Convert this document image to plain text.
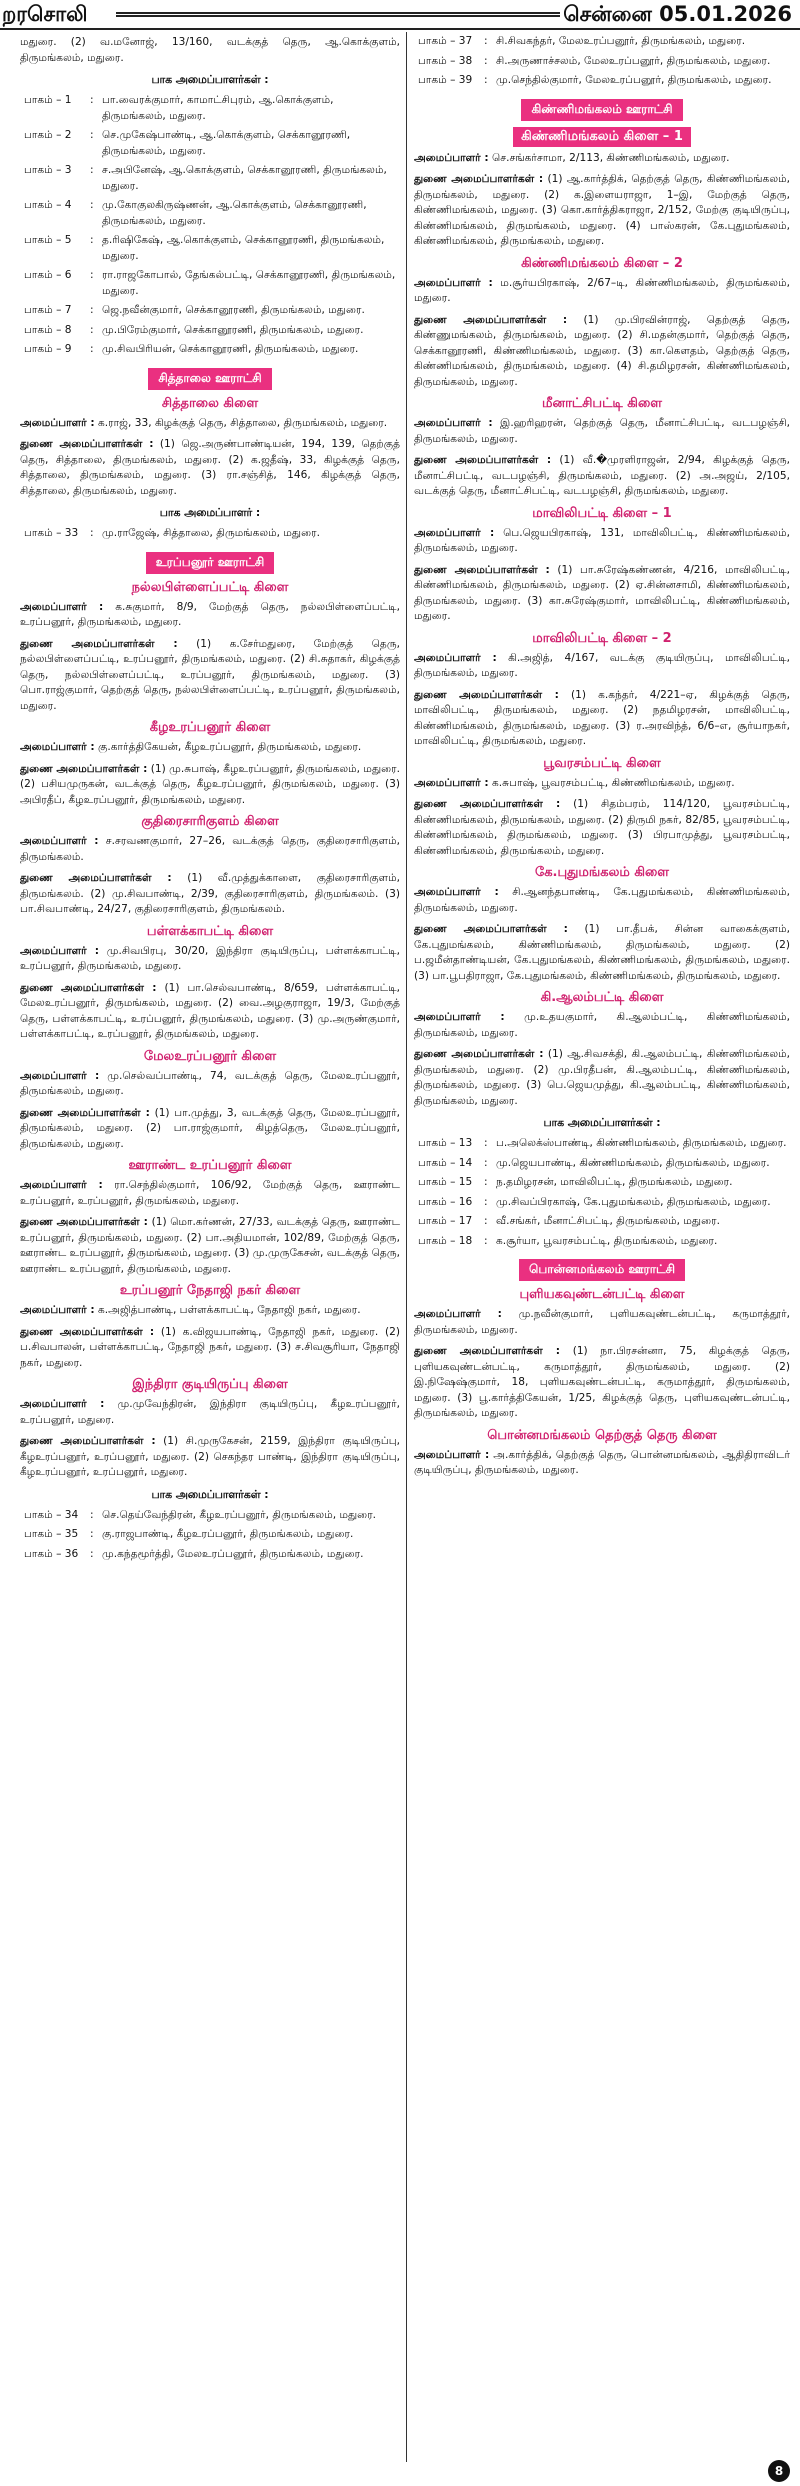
றரசொலி	சென்னை 05.01.2026

மதுரை. (2) வ.மனோஜ், 13/160, வடக்குத் தெரு, ஆ.கொக்குளம், திருமங்கலம், மதுரை.

பாக அமைப்பாளர்கள் :
பாகம் – 1	: பா.வைரக்குமார், காமாட்சிபுரம், ஆ.கொக்குளம், திருமங்கலம், மதுரை.
பாகம் – 2	: செ.முகேஷ்பாண்டி, ஆ.கொக்குளம், செக்கானூரணி, திருமங்கலம், மதுரை.
பாகம் – 3	: ச.அபினேஷ், ஆ.கொக்குளம், செக்கானூரணி, திருமங்கலம், மதுரை.
பாகம் – 4	: மு.கோகுலகிருஷ்ணன், ஆ.கொக்குளம், செக்கானூரணி, திருமங்கலம், மதுரை.
பாகம் – 5	: த.ரிஷிகேஷ், ஆ.கொக்குளம், செக்கானூரணி, திருமங்கலம், மதுரை.
பாகம் – 6	: ரா.ராஜகோபால், தேங்கல்பட்டி, செக்கானூரணி, திருமங்கலம், மதுரை.
பாகம் – 7	: ஜெ.நவீன்குமார், செக்கானூரணி, திருமங்கலம், மதுரை.
பாகம் – 8	: மு.பிரேம்குமார், செக்கானூரணி, திருமங்கலம், மதுரை.
பாகம் – 9	: மு.சிவபிரியன், செக்கானூரணி, திருமங்கலம், மதுரை.
சித்தாலை ஊராட்சி
சித்தாலை கிளை

அமைப்பாளர் : க.ராஜ், 33, கிழக்குத் தெரு, சித்தாலை, திருமங்கலம், மதுரை.

துணை அமைப்பாளர்கள் : (1) ஜெ.அருண்பாண்டியன், 194, 139, தெற்குத் தெரு, சித்தாலை, திருமங்கலம், மதுரை. (2) க.ஜதீஷ், 33, கிழக்குத் தெரு, சித்தாலை, திருமங்கலம், மதுரை. (3) ரா.சஞ்சித், 146, கிழக்குத் தெரு, சித்தாலை, திருமங்கலம், மதுரை.

பாக அமைப்பாளர் :
பாகம் – 33	: மு.ராஜேஷ், சித்தாலை, திருமங்கலம், மதுரை.
உரப்பனூர் ஊராட்சி
நல்லபிள்ளைப்பட்டி கிளை

அமைப்பாளர் : க.சுகுமார், 8/9, மேற்குத் தெரு, நல்லபிள்ளைப்பட்டி, உரப்பனூர், திருமங்கலம், மதுரை.

துணை அமைப்பாளர்கள் : (1) க.சேர்மதுரை, மேற்குத் தெரு, நல்லபிள்ளைப்பட்டி, உரப்பனூர், திருமங்கலம், மதுரை. (2) சி.சுதாகர், கிழக்குத் தெரு, நல்லபிள்ளைப்பட்டி, உரப்பனூர், திருமங்கலம், மதுரை. (3) பொ.ராஜ்குமார், தெற்குத் தெரு, நல்லபிள்ளைப்பட்டி, உரப்பனூர், திருமங்கலம், மதுரை.

கீழஉரப்பனூர் கிளை

அமைப்பாளர் : கு.கார்த்திகேயன், கீழஉரப்பனூர், திருமங்கலம், மதுரை.

துணை அமைப்பாளர்கள் : (1) மு.சுபாஷ், கீழஉரப்பனூர், திருமங்கலம், மதுரை. (2) பசியமுருகன், வடக்குத் தெரு, கீழஉரப்பனூர், திருமங்கலம், மதுரை. (3) அபிரதீப், கீழஉரப்பனூர், திருமங்கலம், மதுரை.

குதிரைசாரிகுளம் கிளை

அமைப்பாளர் : ச.சரவணகுமார், 27–26, வடக்குத் தெரு, குதிரைசாரிகுளம், திருமங்கலம்.

துணை அமைப்பாளர்கள் : (1) வீ.முத்துக்காளை, குதிரைசாரிகுளம், திருமங்கலம். (2) மு.சிவபாண்டி, 2/39, குதிரைசாரிகுளம், திருமங்கலம். (3) பா.சிவபாண்டி, 24/27, குதிரைசாரிகுளம், திருமங்கலம்.

பள்ளக்காபட்டி கிளை

அமைப்பாளர் : மு.சிவபிரபு, 30/20, இந்திரா குடியிருப்பு, பள்ளக்காபட்டி, உரப்பனூர், திருமங்கலம், மதுரை.

துணை அமைப்பாளர்கள் : (1) பா.செல்வபாண்டி, 8/659, பள்ளக்காபட்டி, மேலஉரப்பனூர், திருமங்கலம், மதுரை. (2) வை.அழகுராஜா, 19/3, மேற்குத் தெரு, பள்ளக்காபட்டி, உரப்பனூர், திருமங்கலம், மதுரை. (3) மு.அருண்குமார், பள்ளக்காபட்டி, உரப்பனூர், திருமங்கலம், மதுரை.

மேலஉரப்பனூர் கிளை

அமைப்பாளர் : மு.செல்வப்பாண்டி, 74, வடக்குத் தெரு, மேலஉரப்பனூர், திருமங்கலம், மதுரை.

துணை அமைப்பாளர்கள் : (1) பா.முத்து, 3, வடக்குத் தெரு, மேலஉரப்பனூர், திருமங்கலம், மதுரை. (2) பா.ராஜ்குமார், கிழத்தெரு, மேலஉரப்பனூர், திருமங்கலம், மதுரை.

ஊராண்ட உரப்பனூர் கிளை

அமைப்பாளர் : ரா.செந்தில்குமார், 106/92, மேற்குத் தெரு, ஊராண்ட உரப்பனூர், உரப்பனூர், திருமங்கலம், மதுரை.

துணை அமைப்பாளர்கள் : (1) மொ.கர்ணன், 27/33, வடக்குத் தெரு, ஊராண்ட உரப்பனூர், திருமங்கலம், மதுரை. (2) பா.அதியமான், 102/89, மேற்குத் தெரு, ஊராண்ட உரப்பனூர், திருமங்கலம், மதுரை. (3) மு.முருகேசன், வடக்குத் தெரு, ஊராண்ட உரப்பனூர், திருமங்கலம், மதுரை.

உரப்பனூர் நேதாஜி நகர் கிளை

அமைப்பாளர் : க.அஜித்பாண்டி, பள்ளக்காபட்டி, நேதாஜி நகர், மதுரை.

துணை அமைப்பாளர்கள் : (1) க.விஜயபாண்டி, நேதாஜி நகர், மதுரை. (2) ப.சிவபாலன், பள்ளக்காபட்டி, நேதாஜி நகர், மதுரை. (3) ச.சிவசூரியா, நேதாஜி நகர், மதுரை.

இந்திரா குடியிருப்பு கிளை

அமைப்பாளர் : மு.முவேந்திரன், இந்திரா குடியிருப்பு, கீழஉரப்பனூர், உரப்பனூர், மதுரை.

துணை அமைப்பாளர்கள் : (1) சி.முருகேசன், 2159, இந்திரா குடியிருப்பு, கீழஉரப்பனூர், உரப்பனூர், மதுரை. (2) செகந்தர பாண்டி, இந்திரா குடியிருப்பு, கீழஉரப்பனூர், உரப்பனூர், மதுரை.

பாக அமைப்பாளர்கள் :
பாகம் – 34	: செ.தெய்வேந்திரன், கீழஉரப்பனூர், திருமங்கலம், மதுரை.
பாகம் – 35	: கு.ராஜபாண்டி, கீழஉரப்பனூர், திருமங்கலம், மதுரை.
பாகம் – 36	: மு.கந்தமூர்த்தி, மேலஉரப்பனூர், திருமங்கலம், மதுரை.
பாகம் – 37	: சி.சிவகந்தர், மேலஉரப்பனூர், திருமங்கலம், மதுரை.
பாகம் – 38	: சி.அருணாச்சலம், மேலஉரப்பனூர், திருமங்கலம், மதுரை.
பாகம் – 39	: மு.செந்தில்குமார், மேலஉரப்பனூர், திருமங்கலம், மதுரை.
கிண்ணிமங்கலம் ஊராட்சி
கிண்ணிமங்கலம் கிளை – 1

அமைப்பாளர் : செ.சங்கர்சாமா, 2/113, கிண்ணிமங்கலம், மதுரை.

துணை அமைப்பாளர்கள் : (1) ஆ.கார்த்திக், தெற்குத் தெரு, கிண்ணிமங்கலம், திருமங்கலம், மதுரை. (2) க.இளையராஜா, 1–இ, மேற்குத் தெரு, கிண்ணிமங்கலம், மதுரை. (3) கொ.கார்த்திகராஜா, 2/152, மேற்கு குடியிருப்பு, கிண்ணிமங்கலம், திருமங்கலம், மதுரை. (4) பாஸ்கரன், கே.புதுமங்கலம், கிண்ணிமங்கலம், திருமங்கலம், மதுரை.

கிண்ணிமங்கலம் கிளை – 2

அமைப்பாளர் : ம.சூர்யபிரகாஷ், 2/67–டி, கிண்ணிமங்கலம், திருமங்கலம், மதுரை.

துணை அமைப்பாளர்கள் : (1) மு.பிரவின்ராஜ், தெற்குத் தெரு, கிண்ணுமங்கலம், திருமங்கலம், மதுரை. (2) சி.மதன்குமார், தெற்குத் தெரு, செக்கானூரணி, கிண்ணிமங்கலம், மதுரை. (3) கா.கௌதம், தெற்குத் தெரு, கிண்ணிமங்கலம், திருமங்கலம், மதுரை. (4) சி.தமிழரசன், கிண்ணிமங்கலம், திருமங்கலம், மதுரை.

மீனாட்சிபட்டி கிளை

அமைப்பாளர் : இ.ஹரிஹரன், தெற்குத் தெரு, மீனாட்சிபட்டி, வடபழஞ்சி, திருமங்கலம், மதுரை.

துணை அமைப்பாளர்கள் : (1) வீ.�முரளிராஜன், 2/94, கிழக்குத் தெரு, மீனாட்சிபட்டி, வடபழஞ்சி, திருமங்கலம், மதுரை. (2) அ.அஜய், 2/105, வடக்குத் தெரு, மீனாட்சிபட்டி, வடபழஞ்சி, திருமங்கலம், மதுரை.

மாவிலிபட்டி கிளை – 1

அமைப்பாளர் : பெ.ஜெயபிரகாஷ், 131, மாவிலிபட்டி, கிண்ணிமங்கலம், திருமங்கலம், மதுரை.

துணை அமைப்பாளர்கள் : (1) பா.சுரேஷ்கண்ணன், 4/216, மாவிலிபட்டி, கிண்ணிமங்கலம், திருமங்கலம், மதுரை. (2) ஏ.சின்னசாமி, கிண்ணிமங்கலம், திருமங்கலம், மதுரை. (3) கா.சுரேஷ்குமார், மாவிலிபட்டி, கிண்ணிமங்கலம், மதுரை.

மாவிலிபட்டி கிளை – 2

அமைப்பாளர் : கி.அஜித், 4/167, வடக்கு குடியிருப்பு, மாவிலிபட்டி, திருமங்கலம், மதுரை.

துணை அமைப்பாளர்கள் : (1) க.கந்தர், 4/221–ஏ, கிழக்குத் தெரு, மாவிலிபட்டி, திருமங்கலம், மதுரை. (2) நதமிழரசன், மாவிலிபட்டி, கிண்ணிமங்கலம், திருமங்கலம், மதுரை. (3) ர.அரவிந்த், 6/6–எ, சூர்யாநகர், மாவிலிபட்டி, திருமங்கலம், மதுரை.

பூவரசம்பட்டி கிளை

அமைப்பாளர் : க.சுபாஷ், பூவரசம்பட்டி, கிண்ணிமங்கலம், மதுரை.

துணை அமைப்பாளர்கள் : (1) சிதம்பரம், 114/120, பூவரசம்பட்டி, கிண்ணிமங்கலம், திருமங்கலம், மதுரை. (2) திருமி நகர், 82/85, பூவரசம்பட்டி, கிண்ணிமங்கலம், திருமங்கலம், மதுரை. (3) பிரபாமுத்து, பூவரசம்பட்டி, கிண்ணிமங்கலம், திருமங்கலம், மதுரை.

கே.புதுமங்கலம் கிளை

அமைப்பாளர் : சி.ஆனந்தபாண்டி, கே.புதுமங்கலம், கிண்ணிமங்கலம், திருமங்கலம், மதுரை.

துணை அமைப்பாளர்கள் : (1) பா.தீபக், சின்ன வாகைக்குளம், கே.புதுமங்கலம், கிண்ணிமங்கலம், திருமங்கலம், மதுரை. (2) ப.ஜமீன்தாண்டியன், கே.புதுமங்கலம், கிண்ணிமங்கலம், திருமங்கலம், மதுரை. (3) பா.பூபதிராஜா, கே.புதுமங்கலம், கிண்ணிமங்கலம், திருமங்கலம், மதுரை.

கி.ஆலம்பட்டி கிளை

அமைப்பாளர் : மு.உதயகுமார், கி.ஆலம்பட்டி, கிண்ணிமங்கலம், திருமங்கலம், மதுரை.

துணை அமைப்பாளர்கள் : (1) ஆ.சிவசக்தி, கி.ஆலம்பட்டி, கிண்ணிமங்கலம், திருமங்கலம், மதுரை. (2) மு.பிரதீபன், கி.ஆலம்பட்டி, கிண்ணிமங்கலம், திருமங்கலம், மதுரை. (3) பெ.ஜெயமுத்து, கி.ஆலம்பட்டி, கிண்ணிமங்கலம், திருமங்கலம், மதுரை.

பாக அமைப்பாளர்கள் :
பாகம் – 13	: ப.அலெக்ஸ்பாண்டி, கிண்ணிமங்கலம், திருமங்கலம், மதுரை.
பாகம் – 14	: மு.ஜெயபாண்டி, கிண்ணிமங்கலம், திருமங்கலம், மதுரை.
பாகம் – 15	: ந.தமிழரசன், மாவிலிபட்டி, திருமங்கலம், மதுரை.
பாகம் – 16	: மு.சிவப்பிரகாஷ், கே.புதுமங்கலம், திருமங்கலம், மதுரை.
பாகம் – 17	: வீ.சங்கர், மீனாட்சிபட்டி, திருமங்கலம், மதுரை.
பாகம் – 18	: க.சூர்யா, பூவரசம்பட்டி, திருமங்கலம், மதுரை.
பொன்னமங்கலம் ஊராட்சி
புளியகவுண்டன்பட்டி கிளை

அமைப்பாளர் : மு.நவீன்குமார், புளியகவுண்டன்பட்டி, கருமாத்தூர், திருமங்கலம், மதுரை.

துணை அமைப்பாளர்கள் : (1) நா.பிரசன்னா, 75, கிழக்குத் தெரு, புளியகவுண்டன்பட்டி, கருமாத்தூர், திருமங்கலம், மதுரை. (2) இ.நிஷேஷ்குமார், 18, புளியகவுண்டன்பட்டி, கருமாத்தூர், திருமங்கலம், மதுரை. (3) பூ.கார்த்திகேயன், 1/25, கிழக்குத் தெரு, புளியகவுண்டன்பட்டி, திருமங்கலம், மதுரை.

பொன்னமங்கலம் தெற்குத் தெரு கிளை

அமைப்பாளர் : அ.கார்த்திக், தெற்குத் தெரு, பொன்னமங்கலம், ஆதிதிராவிடர் குடியிருப்பு, திருமங்கலம், மதுரை.

8
